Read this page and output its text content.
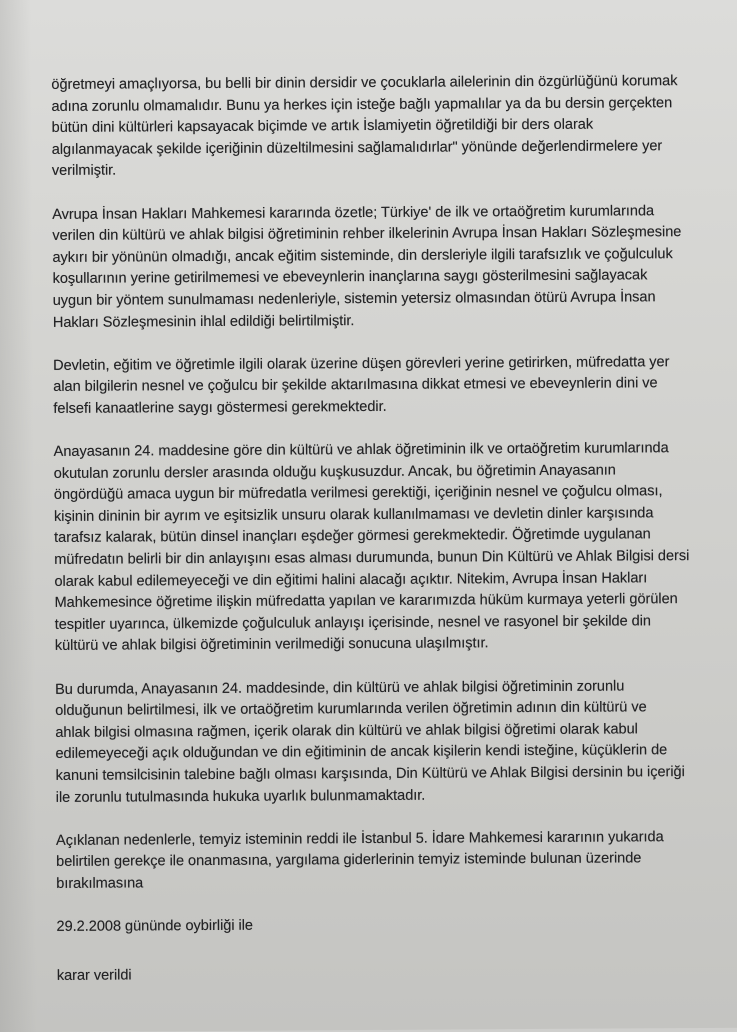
öğretmeyi amaçlıyorsa, bu belli bir dinin dersidir ve çocuklarla ailelerinin din özgürlüğünü korumak
adına zorunlu olmamalıdır. Bunu ya herkes için isteğe bağlı yapmalılar ya da bu dersin gerçekten
bütün dini kültürleri kapsayacak biçimde ve artık İslamiyetin öğretildiği bir ders olarak
algılanmayacak şekilde içeriğinin düzeltilmesini sağlamalıdırlar" yönünde değerlendirmelere yer
verilmiştir.

Avrupa İnsan Hakları Mahkemesi kararında özetle; Türkiye' de ilk ve ortaöğretim kurumlarında
verilen din kültürü ve ahlak bilgisi öğretiminin rehber ilkelerinin Avrupa İnsan Hakları Sözleşmesine
aykırı bir yönünün olmadığı, ancak eğitim sisteminde, din dersleriyle ilgili tarafsızlık ve çoğulculuk
koşullarının yerine getirilmemesi ve ebeveynlerin inançlarına saygı gösterilmesini sağlayacak
uygun bir yöntem sunulmaması nedenleriyle, sistemin yetersiz olmasından ötürü Avrupa İnsan
Hakları Sözleşmesinin ihlal edildiği belirtilmiştir.

Devletin, eğitim ve öğretimle ilgili olarak üzerine düşen görevleri yerine getirirken, müfredatta yer
alan bilgilerin nesnel ve çoğulcu bir şekilde aktarılmasına dikkat etmesi ve ebeveynlerin dini ve
felsefi kanaatlerine saygı göstermesi gerekmektedir.

Anayasanın 24. maddesine göre din kültürü ve ahlak öğretiminin ilk ve ortaöğretim kurumlarında
okutulan zorunlu dersler arasında olduğu kuşkusuzdur. Ancak, bu öğretimin Anayasanın
öngördüğü amaca uygun bir müfredatla verilmesi gerektiği, içeriğinin nesnel ve çoğulcu olması,
kişinin dininin bir ayrım ve eşitsizlik unsuru olarak kullanılmaması ve devletin dinler karşısında
tarafsız kalarak, bütün dinsel inançları eşdeğer görmesi gerekmektedir. Öğretimde uygulanan
müfredatın belirli bir din anlayışını esas alması durumunda, bunun Din Kültürü ve Ahlak Bilgisi dersi
olarak kabul edilemeyeceği ve din eğitimi halini alacağı açıktır. Nitekim, Avrupa İnsan Hakları
Mahkemesince öğretime ilişkin müfredatta yapılan ve kararımızda hüküm kurmaya yeterli görülen
tespitler uyarınca, ülkemizde çoğulculuk anlayışı içerisinde, nesnel ve rasyonel bir şekilde din
kültürü ve ahlak bilgisi öğretiminin verilmediği sonucuna ulaşılmıştır.

Bu durumda, Anayasanın 24. maddesinde, din kültürü ve ahlak bilgisi öğretiminin zorunlu
olduğunun belirtilmesi, ilk ve ortaöğretim kurumlarında verilen öğretimin adının din kültürü ve
ahlak bilgisi olmasına rağmen, içerik olarak din kültürü ve ahlak bilgisi öğretimi olarak kabul
edilemeyeceği açık olduğundan ve din eğitiminin de ancak kişilerin kendi isteğine, küçüklerin de
kanuni temsilcisinin talebine bağlı olması karşısında, Din Kültürü ve Ahlak Bilgisi dersinin bu içeriği
ile zorunlu tutulmasında hukuka uyarlık bulunmamaktadır.

Açıklanan nedenlerle, temyiz isteminin reddi ile İstanbul 5. İdare Mahkemesi kararının yukarıda
belirtilen gerekçe ile onanmasına, yargılama giderlerinin temyiz isteminde bulunan üzerinde
bırakılmasına

29.2.2008 gününde oybirliği ile

karar verildi
